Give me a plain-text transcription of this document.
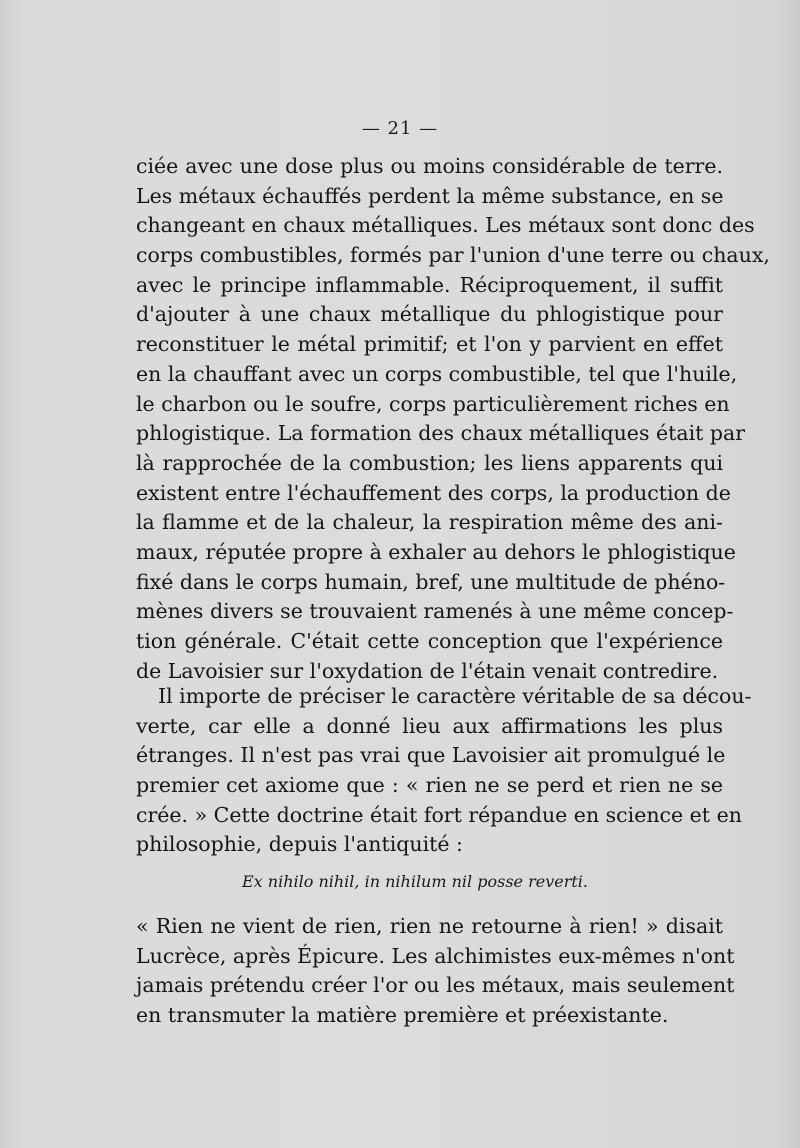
— 21 —
ciée avec une dose plus ou moins considérable de terre.
Les métaux échauffés perdent la même substance, en se
changeant en chaux métalliques. Les métaux sont donc des
corps combustibles, formés par l'union d'une terre ou chaux,
avec le principe inflammable. Réciproquement, il suffit
d'ajouter à une chaux métallique du phlogistique pour
reconstituer le métal primitif; et l'on y parvient en effet
en la chauffant avec un corps combustible, tel que l'huile,
le charbon ou le soufre, corps particulièrement riches en
phlogistique. La formation des chaux métalliques était par
là rapprochée de la combustion; les liens apparents qui
existent entre l'échauffement des corps, la production de
la flamme et de la chaleur, la respiration même des ani-
maux, réputée propre à exhaler au dehors le phlogistique
fixé dans le corps humain, bref, une multitude de phéno-
mènes divers se trouvaient ramenés à une même concep-
tion générale. C'était cette conception que l'expérience
de Lavoisier sur l'oxydation de l'étain venait contredire.
Il importe de préciser le caractère véritable de sa décou-
verte, car elle a donné lieu aux affirmations les plus
étranges. Il n'est pas vrai que Lavoisier ait promulgué le
premier cet axiome que : « rien ne se perd et rien ne se
crée. » Cette doctrine était fort répandue en science et en
philosophie, depuis l'antiquité :
Ex nihilo nihil, in nihilum nil posse reverti.
« Rien ne vient de rien, rien ne retourne à rien! » disait
Lucrèce, après Épicure. Les alchimistes eux-mêmes n'ont
jamais prétendu créer l'or ou les métaux, mais seulement
en transmuter la matière première et préexistante.
